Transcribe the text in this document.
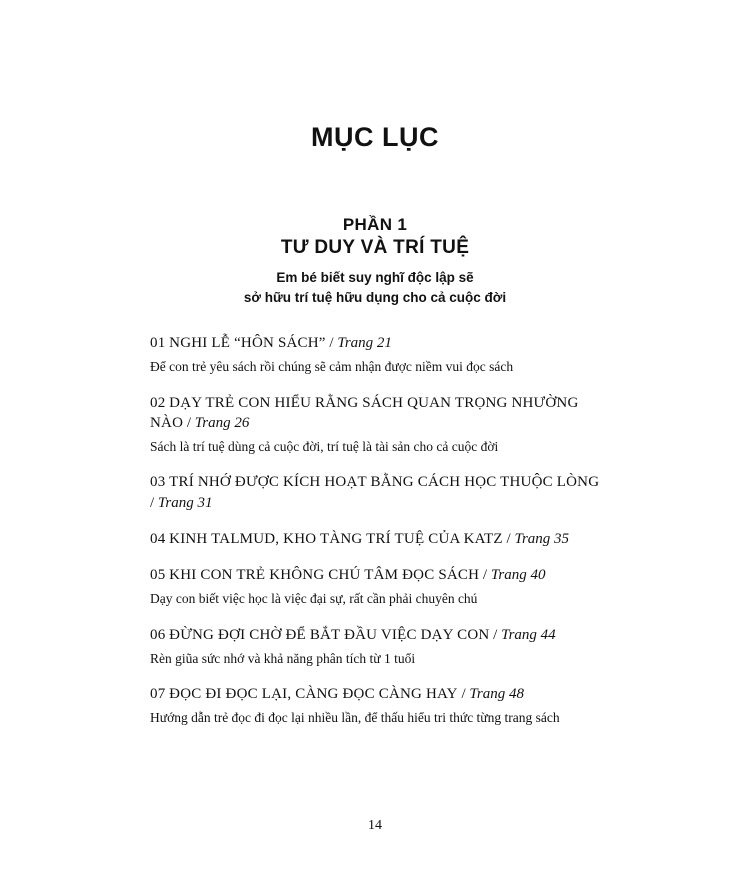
MỤC LỤC
PHẦN 1
TƯ DUY VÀ TRÍ TUỆ
Em bé biết suy nghĩ độc lập sẽ
sở hữu trí tuệ hữu dụng cho cả cuộc đời
01 NGHI LỄ “HÔN SÁCH” / Trang 21
Để con trẻ yêu sách rồi chúng sẽ cảm nhận được niềm vui đọc sách
02 DẠY TRẺ CON HIỂU RẰNG SÁCH QUAN TRỌNG NHƯỜNG NÀO / Trang 26
Sách là trí tuệ dùng cả cuộc đời, trí tuệ là tài sản cho cả cuộc đời
03 TRÍ NHỚ ĐƯỢC KÍCH HOẠT BẰNG CÁCH HỌC THUỘC LÒNG / Trang 31
04 KINH TALMUD, KHO TÀNG TRÍ TUỆ CỦA KATZ / Trang 35
05 KHI CON TRẺ KHÔNG CHÚ TÂM ĐỌC SÁCH / Trang 40
Dạy con biết việc học là việc đại sự, rất cần phải chuyên chú
06 ĐỪNG ĐỢI CHỜ ĐỂ BẮT ĐẦU VIỆC DẠY CON / Trang 44
Rèn giũa sức nhớ và khả năng phân tích từ 1 tuổi
07 ĐỌC ĐI ĐỌC LẠI, CÀNG ĐỌC CÀNG HAY / Trang 48
Hướng dẫn trẻ đọc đi đọc lại nhiều lần, để thấu hiểu tri thức từng trang sách
14
